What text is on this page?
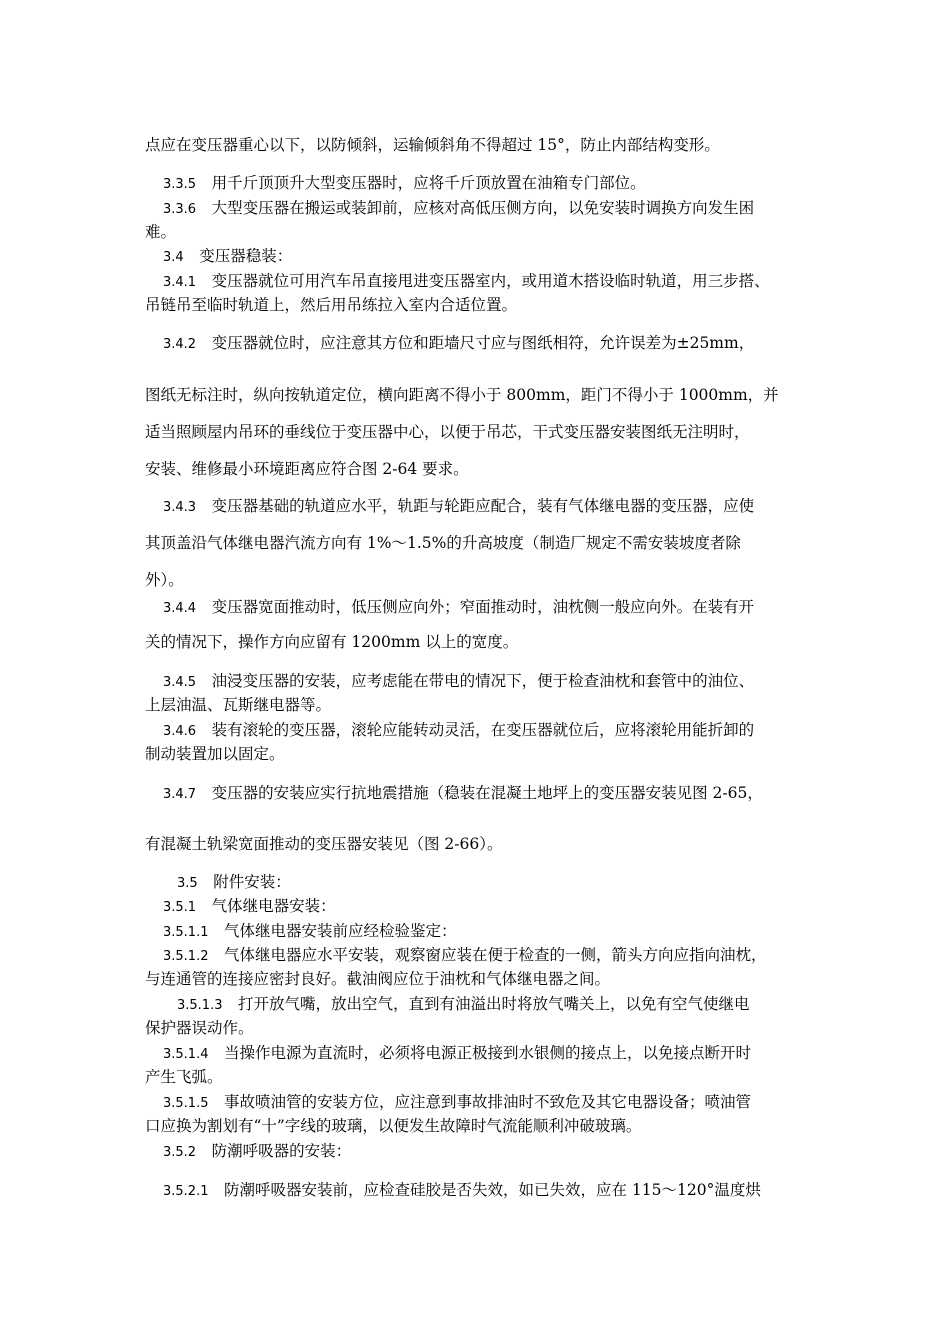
点应在变压器重心以下，以防倾斜，运输倾斜角不得超过 15°，防止内部结构变形。
3.3.5　 用千斤顶顶升大型变压器时，应将千斤顶放置在油箱专门部位。
3.3.6　 大型变压器在搬运或装卸前，应核对高低压侧方向，以免安装时调换方向发生困
难。
3.4　 变压器稳装：
3.4.1　 变压器就位可用汽车吊直接甩进变压器室内，或用道木搭设临时轨道，用三步搭、
吊链吊至临时轨道上，然后用吊练拉入室内合适位置。
3.4.2　 变压器就位时，应注意其方位和距墙尺寸应与图纸相符，允许误差为±25mm，
图纸无标注时，纵向按轨道定位，横向距离不得小于 800mm，距门不得小于 1000mm，并
适当照顾屋内吊环的垂线位于变压器中心，以便于吊芯，干式变压器安装图纸无注明时，
安装、维修最小环境距离应符合图 2-64 要求。
3.4.3　 变压器基础的轨道应水平，轨距与轮距应配合，装有气体继电器的变压器，应使
其顶盖沿气体继电器汽流方向有 1%～1.5%的升高坡度（制造厂规定不需安装坡度者除
外）。
3.4.4　 变压器宽面推动时，低压侧应向外；窄面推动时，油枕侧一般应向外。在装有开
关的情况下，操作方向应留有 1200mm 以上的宽度。
3.4.5　 油浸变压器的安装，应考虑能在带电的情况下，便于检查油枕和套管中的油位、
上层油温、瓦斯继电器等。
3.4.6　 装有滚轮的变压器，滚轮应能转动灵活，在变压器就位后，应将滚轮用能折卸的
制动装置加以固定。
3.4.7　 变压器的安装应实行抗地震措施（稳装在混凝土地坪上的变压器安装见图 2-65，
有混凝土轨梁宽面推动的变压器安装见（图 2-66）。
3.5　 附件安装：
3.5.1　 气体继电器安装：
3.5.1.1　 气体继电器安装前应经检验鉴定：
3.5.1.2　 气体继电器应水平安装，观察窗应装在便于检查的一侧，箭头方向应指向油枕，
与连通管的连接应密封良好。截油阀应位于油枕和气体继电器之间。
3.5.1.3　 打开放气嘴，放出空气，直到有油溢出时将放气嘴关上，以免有空气使继电
保护器误动作。
3.5.1.4　 当操作电源为直流时，必须将电源正极接到水银侧的接点上，以免接点断开时
产生飞弧。
3.5.1.5　 事故喷油管的安装方位，应注意到事故排油时不致危及其它电器设备；喷油管
口应换为割划有“十”字线的玻璃，以便发生故障时气流能顺利冲破玻璃。
3.5.2　 防潮呼吸器的安装：
3.5.2.1　 防潮呼吸器安装前，应检查硅胶是否失效，如已失效，应在 115～120°温度烘
